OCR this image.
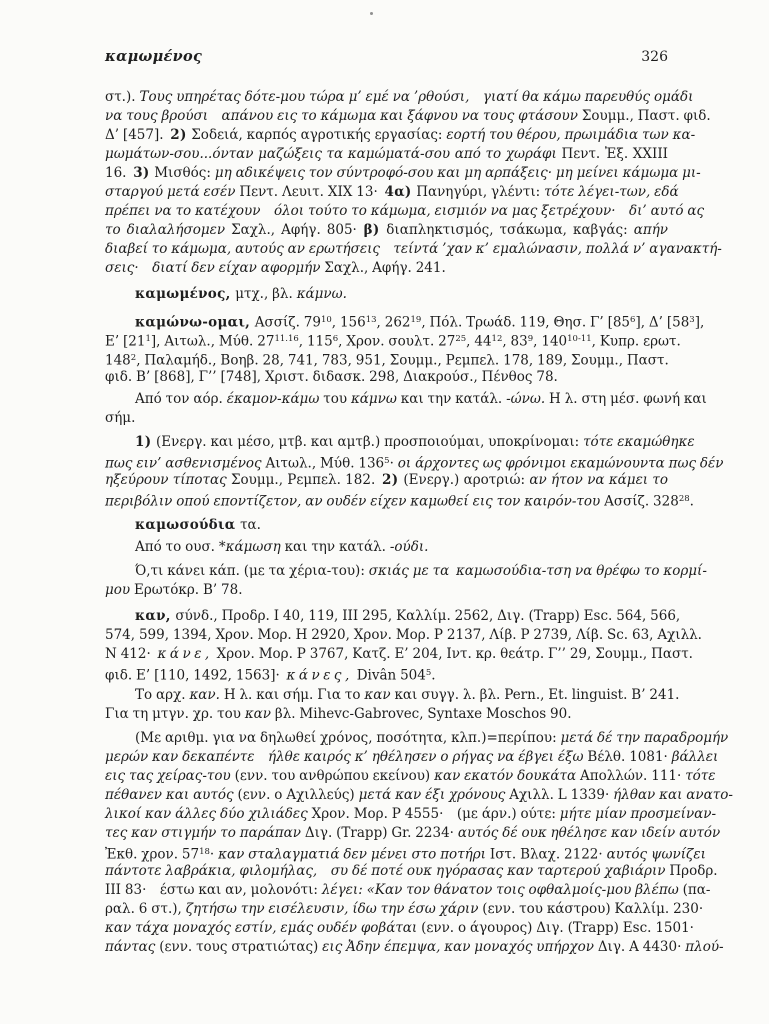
καμωμένος	326
στ.). Τους υπηρέτας δότε-μου τώρα μ’ εμέ να ’ρθούσι, γιατί θα κάμω παρευθύς ομάδι
να τους βρούσι απάνου εις το κάμωμα και ξάφνου να τους φτάσουν Σουμμ., Παστ. φιδ.
Δ’ [457]. 2) Σοδειά, καρπός αγροτικής εργασίας: εορτή του θέρου, πρωιμάδια των κα-
μωμάτων-σου...όνταν μαζώξεις τα καμώματά-σου από το χωράφι Πεντ. Ἐξ. XXIII
16. 3) Μισθός: μη αδικέψεις τον σύντροφό-σου και μη αρπάξεις· μη μείνει κάμωμα μι-
σταργού μετά εσέν Πεντ. Λευιτ. XIX 13· 4α) Πανηγύρι, γλέντι: τότε λέγει-των, εδά
πρέπει να το κατέχουν όλοι τούτο το κάμωμα, εισμιόν να μας ξετρέχουν· δι’ αυτό ας
το διαλαλήσομεν Σαχλ., Αφήγ. 805· β) διαπληκτισμός, τσάκωμα, καβγάς: απήν
διαβεί το κάμωμα, αυτούς αν ερωτήσεις τείντά ’χαν κ’ εμαλώνασιν, πολλά ν’ αγανακτή-
σεις· διατί δεν είχαν αφορμήν Σαχλ., Αφήγ. 241.
καμωμένος, μτχ., βλ. κάμνω.
καμώνω-ομαι, Ασσίζ. $79^{10}$, $156^{13}$, $262^{19}$, Πόλ. Τρωάδ. 119, Θησ. Γ’ $[85^6]$, Δ’ $[58^3]$,
Ε’ $[21^1]$, Αιτωλ., Μύθ. $27^{11.16}$, $115^6$, Χρον. σουλτ. $27^{25}$, $44^{12}$, $83^9$, 140$^{10-11}$, Κυπρ. ερωτ.
$148^2$, Παλαμήδ., Βοηβ. 28, 741, 783, 951, Σουμμ., Ρεμπελ. 178, 189, Σουμμ., Παστ.
φιδ. Β’ [868], Γ’’ [748], Χριστ. διδασκ. 298, Διακρούσ., Πένθος 78.
Από τον αόρ. έκαμον-κάμω του κάμνω και την κατάλ. -ώνω. Η λ. στη μέσ. φωνή και
σήμ.
1) (Ενεργ. και μέσο, μτβ. και αμτβ.) προσποιούμαι, υποκρίνομαι: τότε εκαμώθηκε
πως ειν’ ασθενισμένος Αιτωλ., Μύθ. $136^5\cdot o\iota$ άρχοντες ως φρόνιμοι εκαμώνουντα πως δέν
ηξεύρουν τίποτας Σουμμ., Ρεμπελ. 182. 2) (Ενεργ.) αροτριώ: αν ήτον να κάμει το
περιβόλιν οπού εποντίζετον, αν ουδέν είχεν καμωθεί εις τον καιρόν-του Ασσίζ. $328^{28}$.
καμωσούδια τα.
Από το ουσ. *κάμωση και την κατάλ. -ούδι.
Ό,τι κάνει κάπ. (με τα χέρια-του): σκιάς με τα καμωσούδια-τση να θρέφω το κορμί-
μου Ερωτόκρ. Β’ 78.
καν, σύνδ., Προδρ. I 40, 119, III 295, Καλλίμ. 2562, Διγ. (Trapp) Esc. 564, 566,
574, 599, 1394, Χρον. Μορ. Η 2920, Χρον. Μορ. Ρ 2137, Λίβ. Ρ 2739, Λίβ. Sc. 63, Αχιλλ.
Ν 412· κάνε, Χρον. Μορ. Ρ 3767, Κατζ. Ε’ 204, Ιντ. κρ. θεάτρ. Γ’’ 29, Σουμμ., Παστ.
φιδ. Ε’ [110, 1492, 1563]· κάνες, Divân $504^5$.
Το αρχ. καν. Η λ. και σήμ. Για το καν και συγγ. λ. βλ. Pern., Et. linguist. Β’ 241.
Για τη μτγν. χρ. του καν βλ. Mihevc-Gabrovec, Syntaxe Moschos 90.
(Με αριθμ. για να δηλωθεί χρόνος, ποσότητα, κλπ.)=περίπου: μετά δέ την παραδρομήν
μερών καν δεκαπέντε ήλθε καιρός κ’ ηθέλησεν ο ρήγας να έβγει έξω Βέλθ. 1081· βάλλει
εις τας χείρας-του (ενν. του ανθρώπου εκείνου) καν εκατόν δουκάτα Απολλών. 111· τότε
πέθανεν και αυτός (ενν. ο Αχιλλεύς) μετά καν έξι χρόνους Αχιλλ. L 1339· ήλθαν και ανατο-
λικοί καν άλλες δύο χιλιάδες Χρον. Μορ. Ρ 4555· (με άρν.) ούτε: μήτε μίαν προσμείναν-
τες καν στιγμήν το παράπαν Διγ. (Trapp) Gr. 2234· αυτός δέ ουκ ηθέλησε καν ιδείν αυτόν
Ἐκθ. χρον. $57^{18}\cdot \kappa\alpha\nu$ σταλαγματιά δεν μένει στο ποτήρι Ιστ. Βλαχ. 2122· αυτός ψωνίζει
πάντοτε λαβράκια, φιλομήλας, συ δέ ποτέ ουκ ηγόρασας καν ταρτερού χαβιάριν Προδρ.
III 83· έστω και αν, μολονότι: λέγει: «Καν τον θάνατον τοις οφθαλμοίς-μου βλέπω (πα-
ραλ. 6 στ.), ζητήσω την εισέλευσιν, ίδω την έσω χάριν (ενν. του κάστρου) Καλλίμ. 230·
καν τάχα μοναχός εστίν, εμάς ουδέν φοβάται (ενν. ο άγουρος) Διγ. (Trapp) Esc. 1501·
πάντας (ενν. τους στρατιώτας) εις Ἀδην έπεμψα, καν μοναχός υπήρχον Διγ. Α 4430· πλού-
